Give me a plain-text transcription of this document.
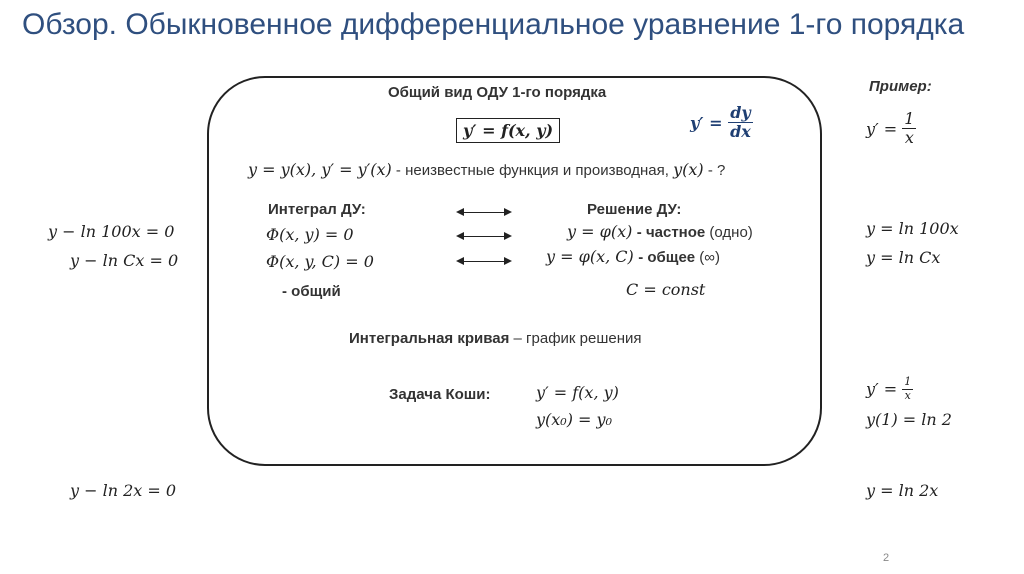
Обзор. Обыкновенное дифференциальное уравнение 1-го порядка
Общий вид ОДУ 1-го порядка
y′ = f(x, y)	$y' = \frac{dy}{dx}$
y = y(x), y′ = y′(x) - неизвестные функция и производная, y(x) - ?
Интеграл ДУ:
Φ(x, y) = 0
Φ(x, y, C) = 0
- общий
Решение ДУ:
y = φ(x) - частное (одно)
y = φ(x, C) - общее (∞)
C = const
Интегральная кривая – график решения
Задача Коши:	y′ = f(x, y)
y(x₀) = y₀
y − ln 100x = 0
y − ln Cx = 0
y − ln 2x = 0
Пример:
$y' = \frac{1}{x}$
y = ln 100x
y = ln Cx
$y' = \frac{1}{x}$
y(1) = ln 2
y = ln 2x
2
